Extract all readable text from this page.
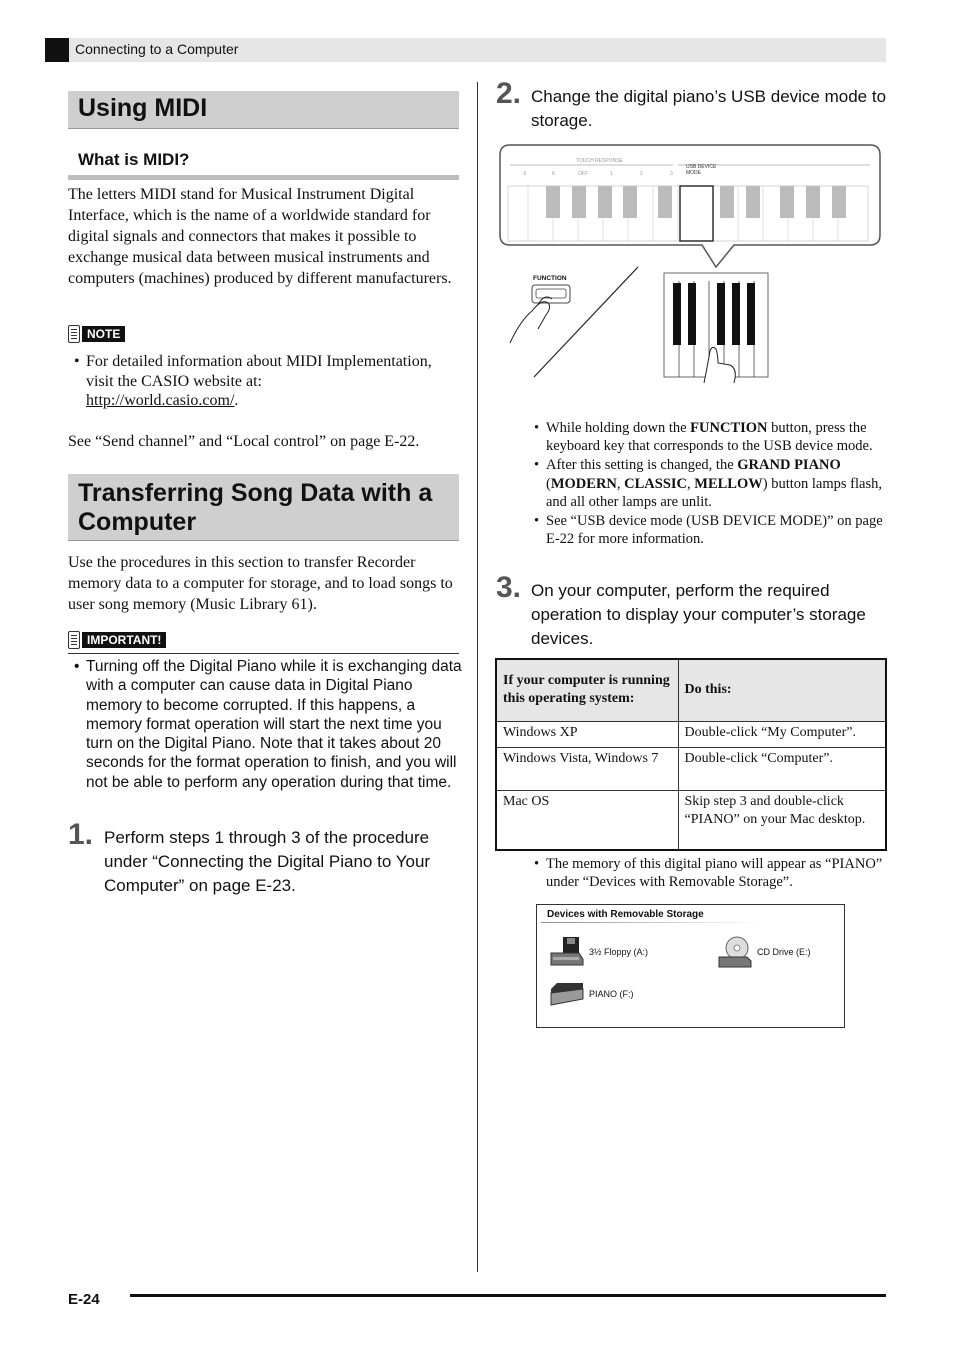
Connecting to a Computer
Using MIDI
What is MIDI?

The letters MIDI stand for Musical Instrument Digital Interface, which is the name of a worldwide standard for digital signals and connectors that makes it possible to exchange musical data between musical instruments and computers (machines) produced by different manufacturers.

NOTE
• For detailed information about MIDI Implementation, visit the CASIO website at:
http://world.casio.com/.

See “Send channel” and “Local control” on page E-22.

Transferring Song Data with a Computer

Use the procedures in this section to transfer Recorder memory data to a computer for storage, and to load songs to user song memory (Music Library 61).

IMPORTANT!
• Turning off the Digital Piano while it is exchanging data with a computer can cause data in Digital Piano memory to become corrupted. If this happens, a memory format operation will start the next time you turn on the Digital Piano. Note that it takes about 20 seconds for the format operation to finish, and you will not be able to perform any operation during that time.
1. Perform steps 1 through 3 of the procedure under “Connecting the Digital Piano to Your Computer” on page E-23.

2. Change the digital piano’s USB device mode to storage.

TOUCH RESPONSE
USB DEVICE
MODE
-5	6	OFF	1	2	3
FUNCTION
• While holding down the FUNCTION button, press the keyboard key that corresponds to the USB device mode.
• After this setting is changed, the GRAND PIANO (MODERN, CLASSIC, MELLOW) button lamps flash, and all other lamps are unlit.
• See “USB device mode (USB DEVICE MODE)” on page E-22 for more information.
3. On your computer, perform the required operation to display your computer’s storage devices.

If your computer is running this operating system:	Do this:
Windows XP	Double-click “My Computer”.
Windows Vista, Windows 7	Double-click “Computer”.
Mac OS	Skip step 3 and double-click “PIANO” on your Mac desktop.
• The memory of this digital piano will appear as “PIANO” under “Devices with Removable Storage”.
Devices with Removable Storage
3½ Floppy (A:)	CD Drive (E:)
PIANO (F:)
E-24
